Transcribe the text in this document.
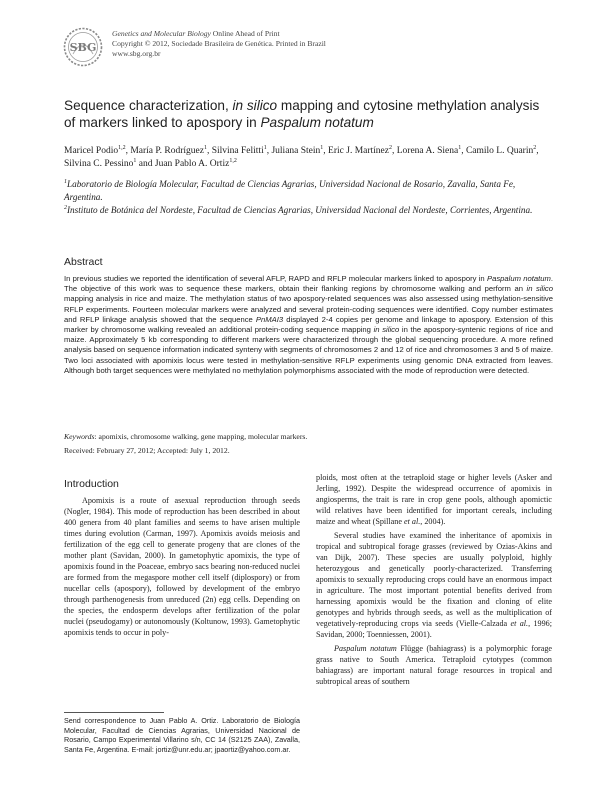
SBG
Genetics and Molecular Biology Online Ahead of Print
Copyright © 2012, Sociedade Brasileira de Genética. Printed in Brazil
www.sbg.org.br
Sequence characterization, in silico mapping and cytosine methylation analysis of markers linked to apospory in Paspalum notatum
Maricel Podio$^{1,2}$, María P. Rodríguez$^1$, Silvina Felitti$^1$, Juliana Stein$^1$, Eric J. Martínez$^2$, Lorena A. Siena$^1$, Camilo L. Quarin$^2$, Silvina C. Pessino$^1$ and Juan Pablo A. Ortiz$^{1,2}$
$^1$Laboratorio de Biología Molecular, Facultad de Ciencias Agrarias, Universidad Nacional de Rosario, Zavalla, Santa Fe, Argentina.
$^2$Instituto de Botánica del Nordeste, Facultad de Ciencias Agrarias, Universidad Nacional del Nordeste, Corrientes, Argentina.
Abstract
In previous studies we reported the identification of several AFLP, RAPD and RFLP molecular markers linked to apospory in Paspalum notatum. The objective of this work was to sequence these markers, obtain their flanking regions by chromosome walking and perform an in silico mapping analysis in rice and maize. The methylation status of two apospory-related sequences was also assessed using methylation-sensitive RFLP experiments. Fourteen molecular markers were analyzed and several protein-coding sequences were identified. Copy number estimates and RFLP linkage analysis showed that the sequence PnMAI3 displayed 2-4 copies per genome and linkage to apospory. Extension of this marker by chromosome walking revealed an additional protein-coding sequence mapping in silico in the apospory-syntenic regions of rice and maize. Approximately 5 kb corresponding to different markers were characterized through the global sequencing procedure. A more refined analysis based on sequence information indicated synteny with segments of chromosomes 2 and 12 of rice and chromosomes 3 and 5 of maize. Two loci associated with apomixis locus were tested in methylation-sensitive RFLP experiments using genomic DNA extracted from leaves. Although both target sequences were methylated no methylation polymorphisms associated with the mode of reproduction were detected.
Keywords: apomixis, chromosome walking, gene mapping, molecular markers.
Received: February 27, 2012; Accepted: July 1, 2012.
Introduction

Apomixis is a route of asexual reproduction through seeds (Nogler, 1984). This mode of reproduction has been described in about 400 genera from 40 plant families and seems to have arisen multiple times during evolution (Carman, 1997). Apomixis avoids meiosis and fertilization of the egg cell to generate progeny that are clones of the mother plant (Savidan, 2000). In gametophytic apomixis, the type of apomixis found in the Poaceae, embryo sacs bearing non-reduced nuclei are formed from the megaspore mother cell itself (diplospory) or from nucellar cells (apospory), followed by development of the embryo through parthenogenesis from unreduced (2n) egg cells. Depending on the species, the endosperm develops after fertilization of the polar nuclei (pseudogamy) or autonomously (Koltunow, 1993). Gametophytic apomixis tends to occur in poly-

ploids, most often at the tetraploid stage or higher levels (Asker and Jerling, 1992). Despite the widespread occurrence of apomixis in angiosperms, the trait is rare in crop gene pools, although apomictic wild relatives have been identified for important cereals, including maize and wheat (Spillane et al., 2004).

Several studies have examined the inheritance of apomixis in tropical and subtropical forage grasses (reviewed by Ozias-Akins and van Dijk, 2007). These species are usually polyploid, highly heterozygous and genetically poorly-characterized. Transferring apomixis to sexually reproducing crops could have an enormous impact in agriculture. The most important potential benefits derived from harnessing apomixis would be the fixation and cloning of elite genotypes and hybrids through seeds, as well as the multiplication of vegetatively-reproducing crops via seeds (Vielle-Calzada et al., 1996; Savidan, 2000; Toenniessen, 2001).

Paspalum notatum Flügge (bahiagrass) is a polymorphic forage grass native to South America. Tetraploid cytotypes (common bahiagrass) are important natural forage resources in tropical and subtropical areas of southern

Send correspondence to Juan Pablo A. Ortiz. Laboratorio de Biología Molecular, Facultad de Ciencias Agrarias, Universidad Nacional de Rosario, Campo Experimental Villarino s/n, CC 14 (S2125 ZAA), Zavalla, Santa Fe, Argentina. E-mail: jortiz@unr.edu.ar; jpaortiz@yahoo.com.ar.
